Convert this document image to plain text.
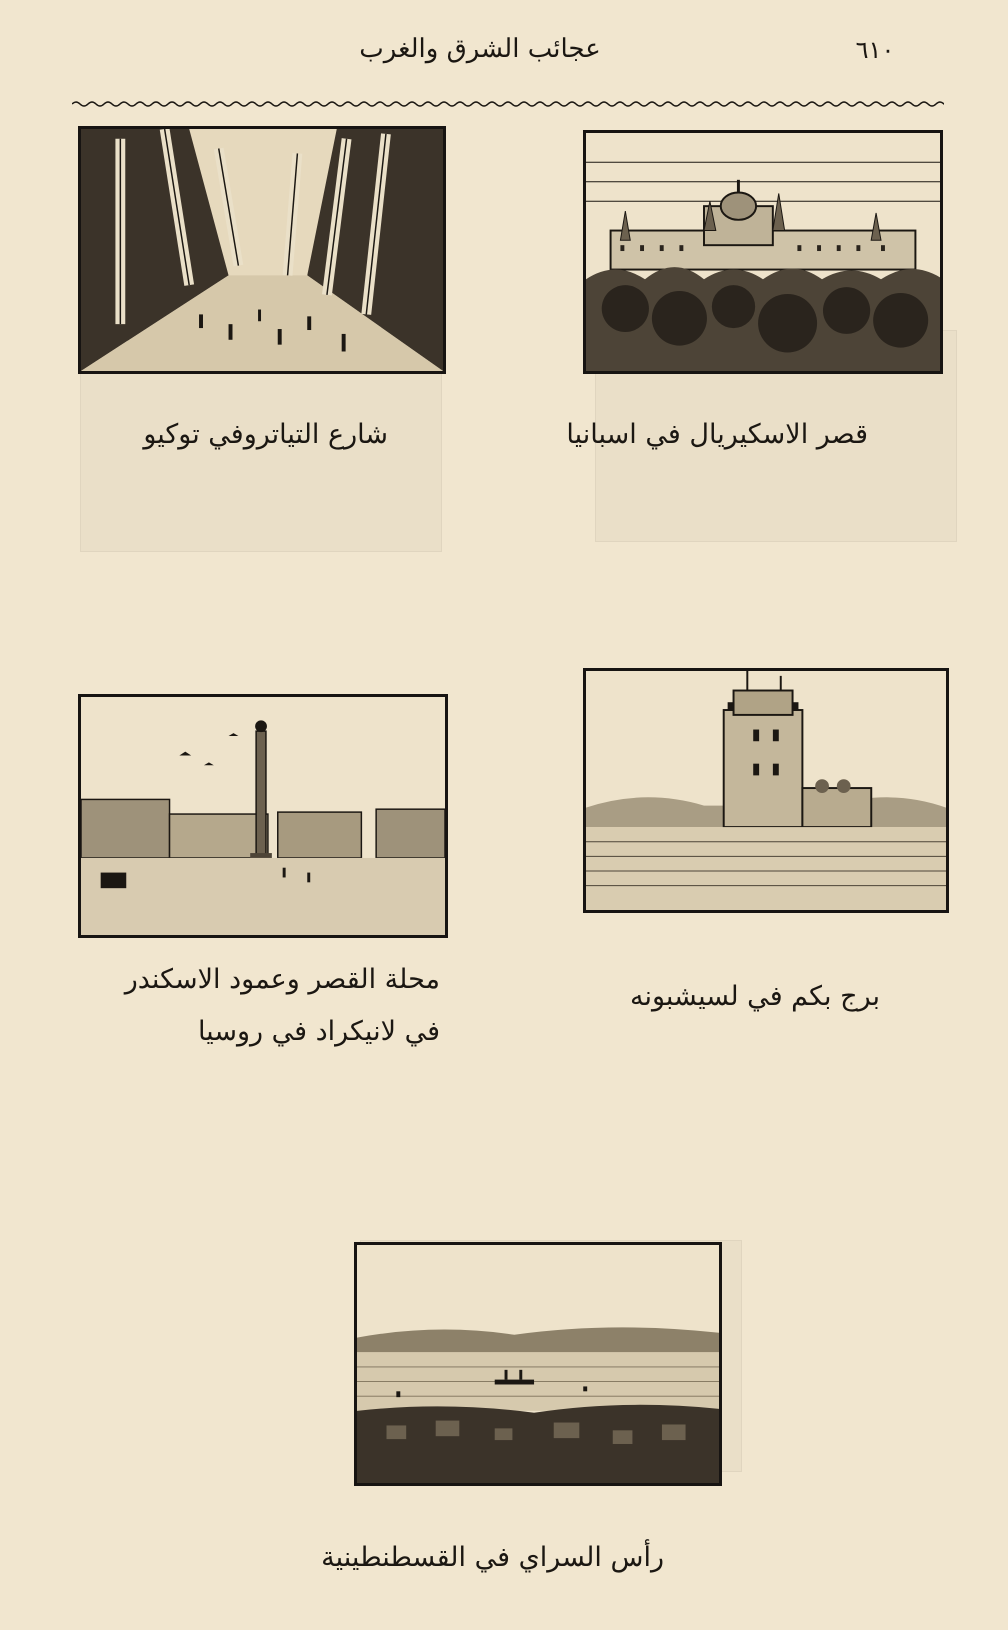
عجائب الشرق والغرب	٦١٠
قصر الاسكيريال في اسبانيا
شارع التياتروفي توكيو
برج بكم في لسيشبونه
محلة القصر وعمود الاسكندر
في لانيكراد في روسيا
رأس السراي في القسطنطينية
